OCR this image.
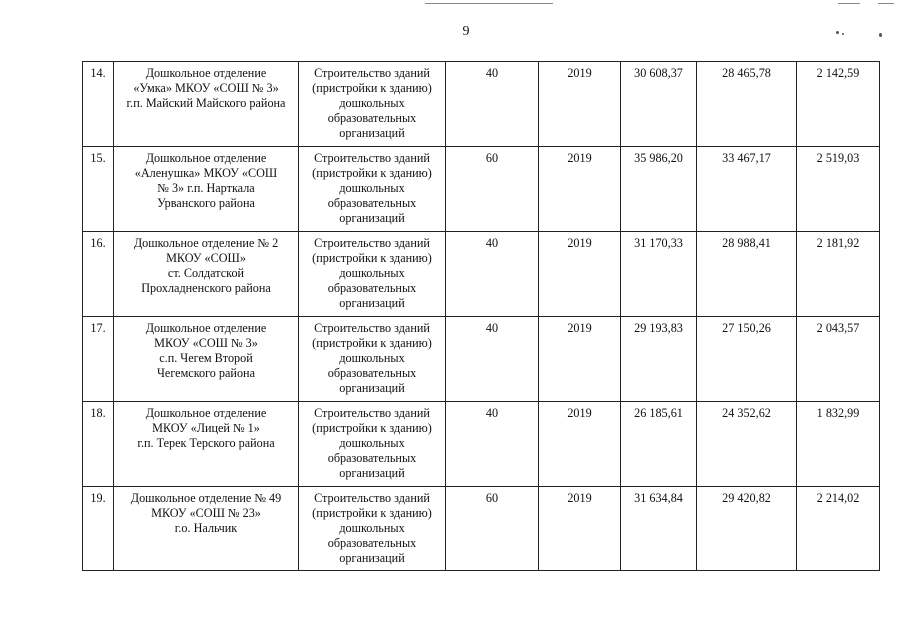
9
14.	Дошкольное отделение
«Умка» МКОУ «СОШ № 3»
г.п. Майский Майского района	Строительство зданий
(пристройки к зданию)
дошкольных
образовательных
организаций	40	2019	30 608,37	28 465,78	2 142,59
15.	Дошкольное отделение
«Аленушка» МКОУ «СОШ
№ 3» г.п. Нарткала
Урванского района	Строительство зданий
(пристройки к зданию)
дошкольных
образовательных
организаций	60	2019	35 986,20	33 467,17	2 519,03
16.	Дошкольное отделение № 2
МКОУ «СОШ»
ст. Солдатской
Прохладненского района	Строительство зданий
(пристройки к зданию)
дошкольных
образовательных
организаций	40	2019	31 170,33	28 988,41	2 181,92
17.	Дошкольное отделение
МКОУ «СОШ № 3»
с.п. Чегем Второй
Чегемского района	Строительство зданий
(пристройки к зданию)
дошкольных
образовательных
организаций	40	2019	29 193,83	27 150,26	2 043,57
18.	Дошкольное отделение
МКОУ «Лицей № 1»
г.п. Терек Терского района	Строительство зданий
(пристройки к зданию)
дошкольных
образовательных
организаций	40	2019	26 185,61	24 352,62	1 832,99
19.	Дошкольное отделение № 49
МКОУ «СОШ № 23»
г.о. Нальчик	Строительство зданий
(пристройки к зданию)
дошкольных
образовательных
организаций	60	2019	31 634,84	29 420,82	2 214,02
